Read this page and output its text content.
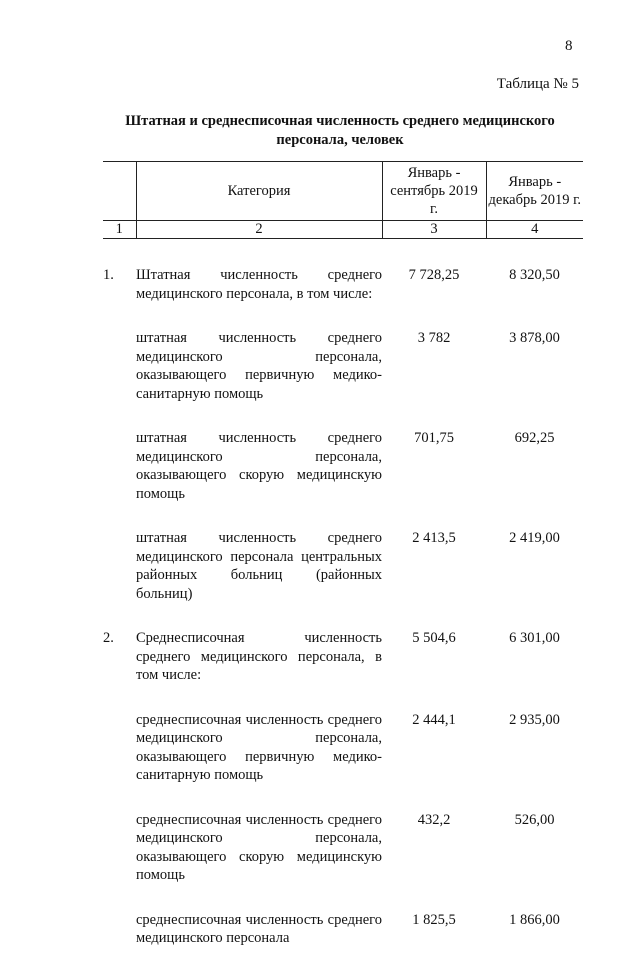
8
Таблица № 5
Штатная и среднесписочная численность среднего медицинского персонала, человек
	Категория	Январь - сентябрь 2019 г.	Январь - декабрь 2019 г.
1	2	3	4
1.	Штатная численность среднего медицинского персонала, в том числе:	7 728,25	8 320,50
	штатная численность среднего медицинского персонала, оказывающего первичную медико-санитарную помощь	3 782	3 878,00
	штатная численность среднего медицинского персонала, оказывающего скорую медицинскую помощь	701,75	692,25
	штатная численность среднего медицинского персонала центральных районных больниц (районных больниц)	2 413,5	2 419,00
2.	Среднесписочная численность среднего медицинского персонала, в том числе:	5 504,6	6 301,00
	среднесписочная численность среднего медицинского персонала, оказывающего первичную медико-санитарную помощь	2 444,1	2 935,00
	среднесписочная численность среднего медицинского персонала, оказывающего скорую медицинскую помощь	432,2	526,00
	среднесписочная численность среднего медицинского персонала	1 825,5	1 866,00
